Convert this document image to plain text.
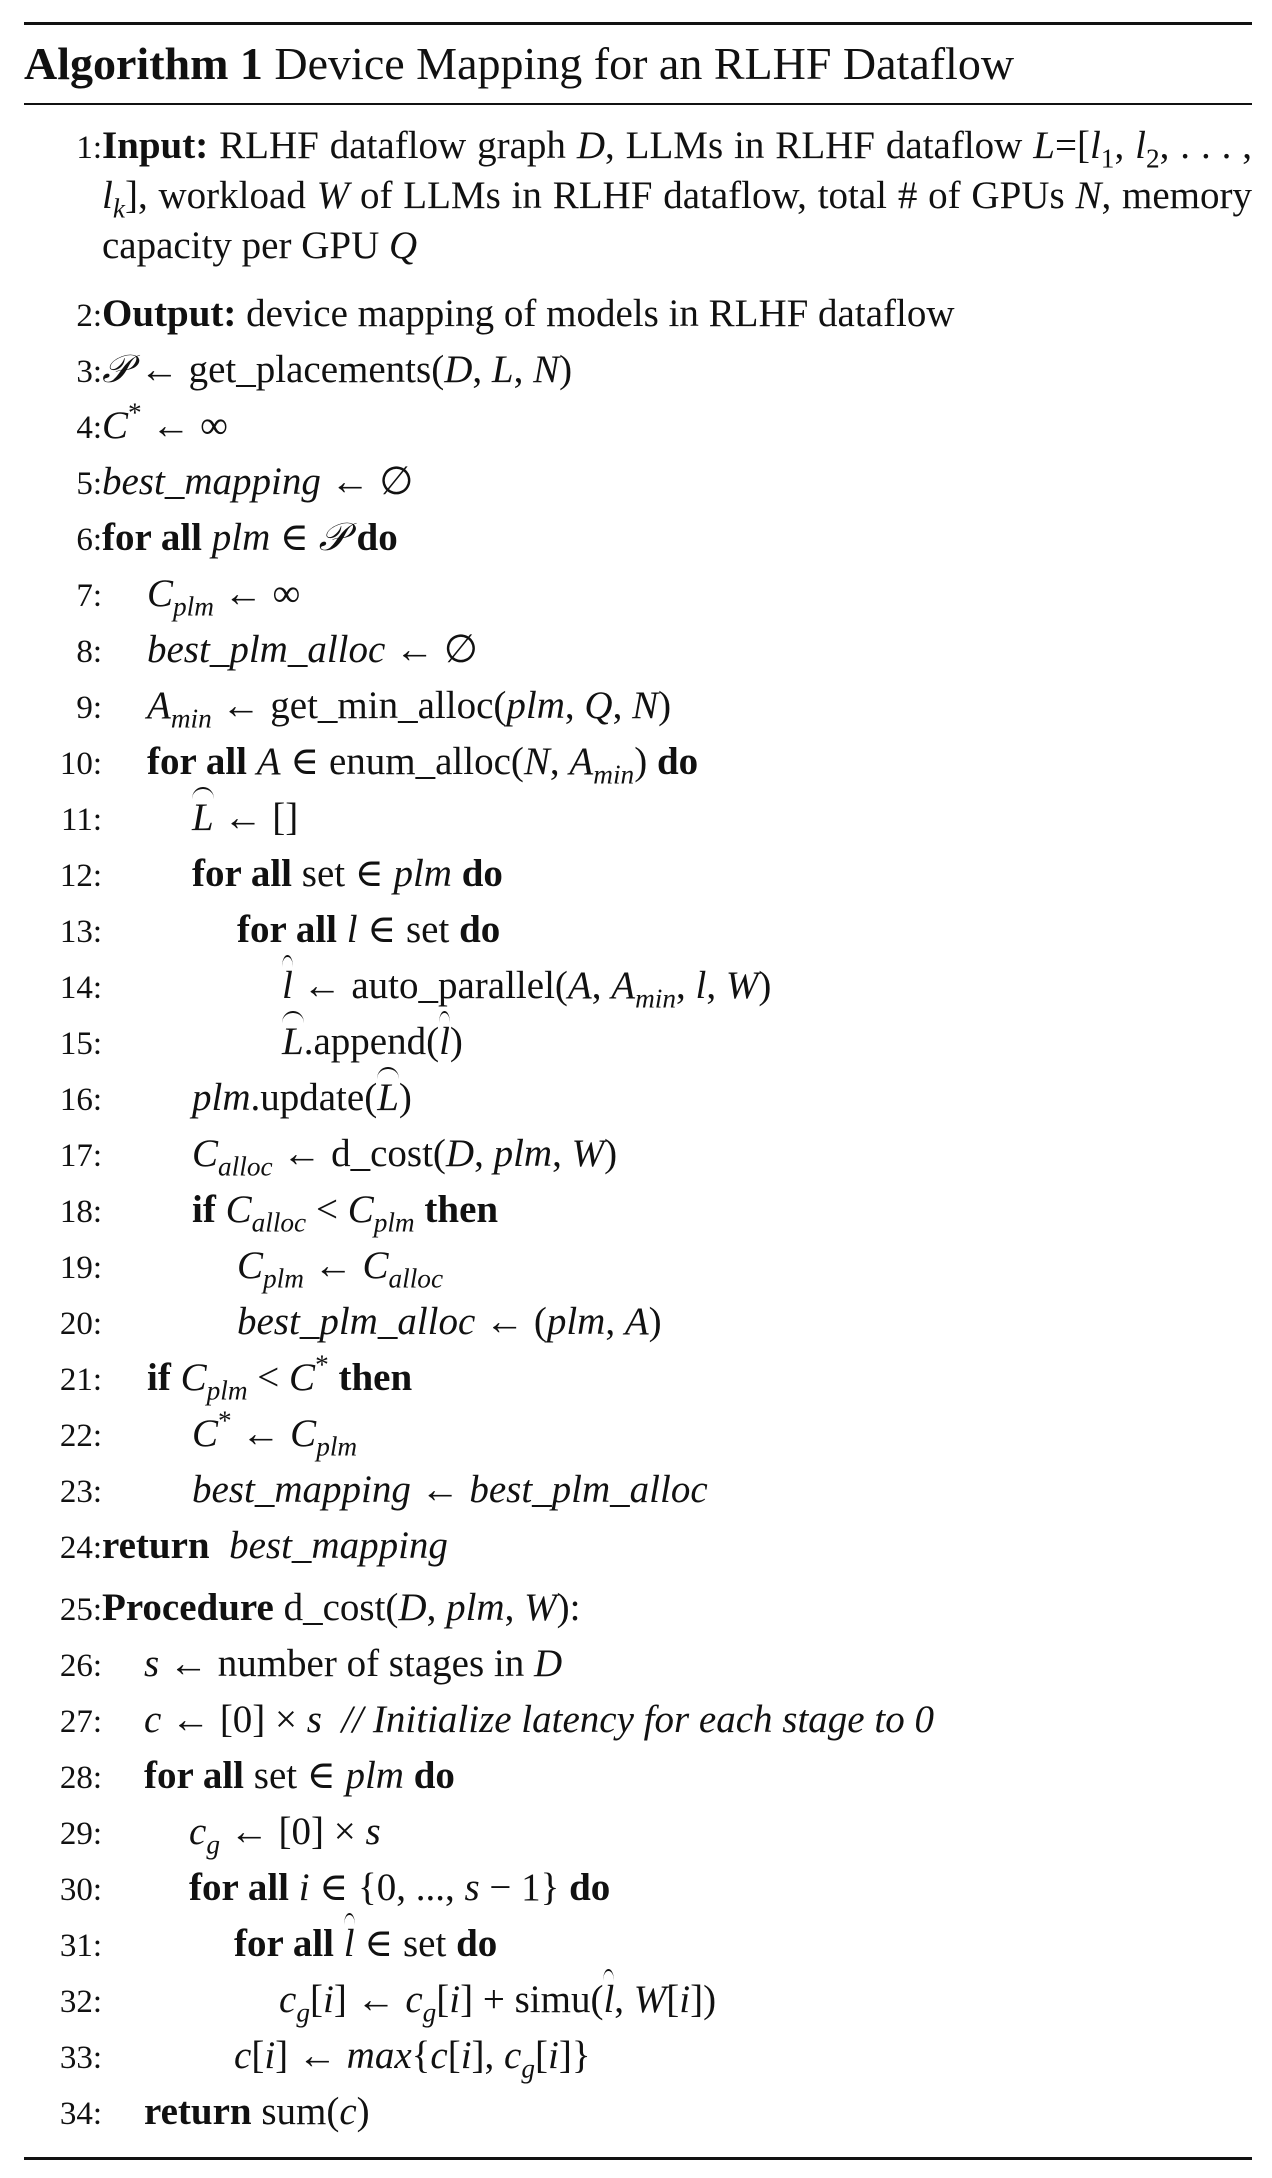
Algorithm 1 Device Mapping for an RLHF Dataflow
1: Input: RLHF dataflow graph D, LLMs in RLHF dataflow $L=[l_1$, $l_2$, . . . , $l_k$], workload W of LLMs in RLHF dataflow, total # of GPUs N, memory capacity per GPU Q
2: Output: device mapping of models in RLHF dataflow
3: 𝒫 ← get_placements(D, L, N)
4: C* ← ∞
5: best_mapping ← ∅
6: for all plm ∈ 𝒫 do
7:	$C_{plm}$ ← ∞
8:	best_plm_alloc ← ∅
9:	$A_{min}$ ← get_min_alloc(plm, Q, N)
10:	for all A ∈ enum_alloc(N, $A_{min}$) do
11:	L ← []
12:	for all set ∈ plm do
13:	for all l ∈ set do
14:	l ← auto_parallel(A, $A_{min}$, l, W)
15:	L.append(l)
16:	plm.update(L)
17:	$C_{alloc}$ ← d_cost(D, plm, W)
18:	if $C_{alloc} < C_{plm}$ then
19:	$C_{plm}$ ← $C_{alloc}$
20:	best_plm_alloc ← (plm, A)
21:	if $C_{plm} < C^*$ then
22:	C* ← $C_{plm}$
23:	best_mapping ← best_plm_alloc
24: return best_mapping
25: Procedure d_cost(D, plm, W):
26:	s ← number of stages in D
27:	c ← [0] × s // Initialize latency for each stage to 0
28:	for all set ∈ plm do
29:	$c_g$ ← [0] × s
30:	for all i ∈ {0, ..., s − 1} do
31:	for all l ∈ set do
32:	$c_g[i]$ ← $c_g[i]$ + simu(l, W[i])
33:	c[i] ← max{c[i], $c_g[i]$}
34:	return sum(c)
